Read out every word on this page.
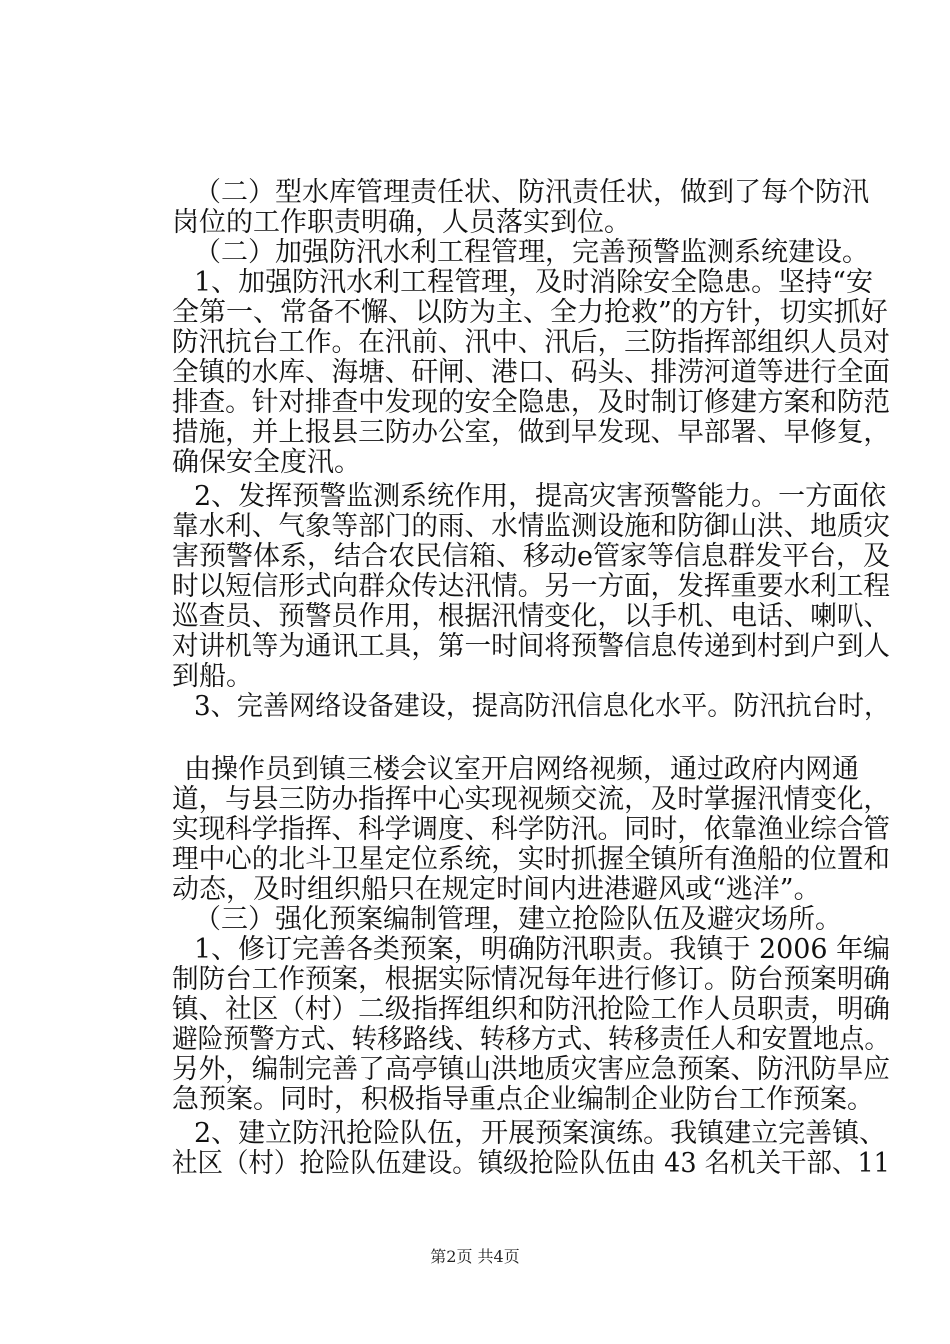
（二）型水库管理责任状、防汛责任状，做到了每个防汛
岗位的工作职责明确，人员落实到位。
（二）加强防汛水利工程管理，完善预警监测系统建设。
1、加强防汛水利工程管理，及时消除安全隐患。坚持“安
全第一、常备不懈、以防为主、全力抢救”的方针，切实抓好
防汛抗台工作。在汛前、汛中、汛后，三防指挥部组织人员对
全镇的水库、海塘、矸闸、港口、码头、排涝河道等进行全面
排查。针对排查中发现的安全隐患，及时制订修建方案和防范
措施，并上报县三防办公室，做到早发现、早部署、早修复，
确保安全度汛。
2、发挥预警监测系统作用，提高灾害预警能力。一方面依
靠水利、气象等部门的雨、水情监测设施和防御山洪、地质灾
害预警体系，结合农民信箱、移动e管家等信息群发平台，及
时以短信形式向群众传达汛情。另一方面，发挥重要水利工程
巡查员、预警员作用，根据汛情变化，以手机、电话、喇叭、
对讲机等为通讯工具，第一时间将预警信息传递到村到户到人
到船。
3、完善网络设备建设，提高防汛信息化水平。防汛抗台时，
由操作员到镇三楼会议室开启网络视频，通过政府内网通
道，与县三防办指挥中心实现视频交流，及时掌握汛情变化，
实现科学指挥、科学调度、科学防汛。同时，依靠渔业综合管
理中心的北斗卫星定位系统，实时抓握全镇所有渔船的位置和
动态，及时组织船只在规定时间内进港避风或“逃洋”。
（三）强化预案编制管理，建立抢险队伍及避灾场所。
1、修订完善各类预案，明确防汛职责。我镇于 2006 年编
制防台工作预案，根据实际情况每年进行修订。防台预案明确
镇、社区（村）二级指挥组织和防汛抢险工作人员职责，明确
避险预警方式、转移路线、转移方式、转移责任人和安置地点。
另外，编制完善了高亭镇山洪地质灾害应急预案、防汛防旱应
急预案。同时，积极指导重点企业编制企业防台工作预案。
2、建立防汛抢险队伍，开展预案演练。我镇建立完善镇、
社区（村）抢险队伍建设。镇级抢险队伍由 43 名机关干部、11
第2页 共4页
